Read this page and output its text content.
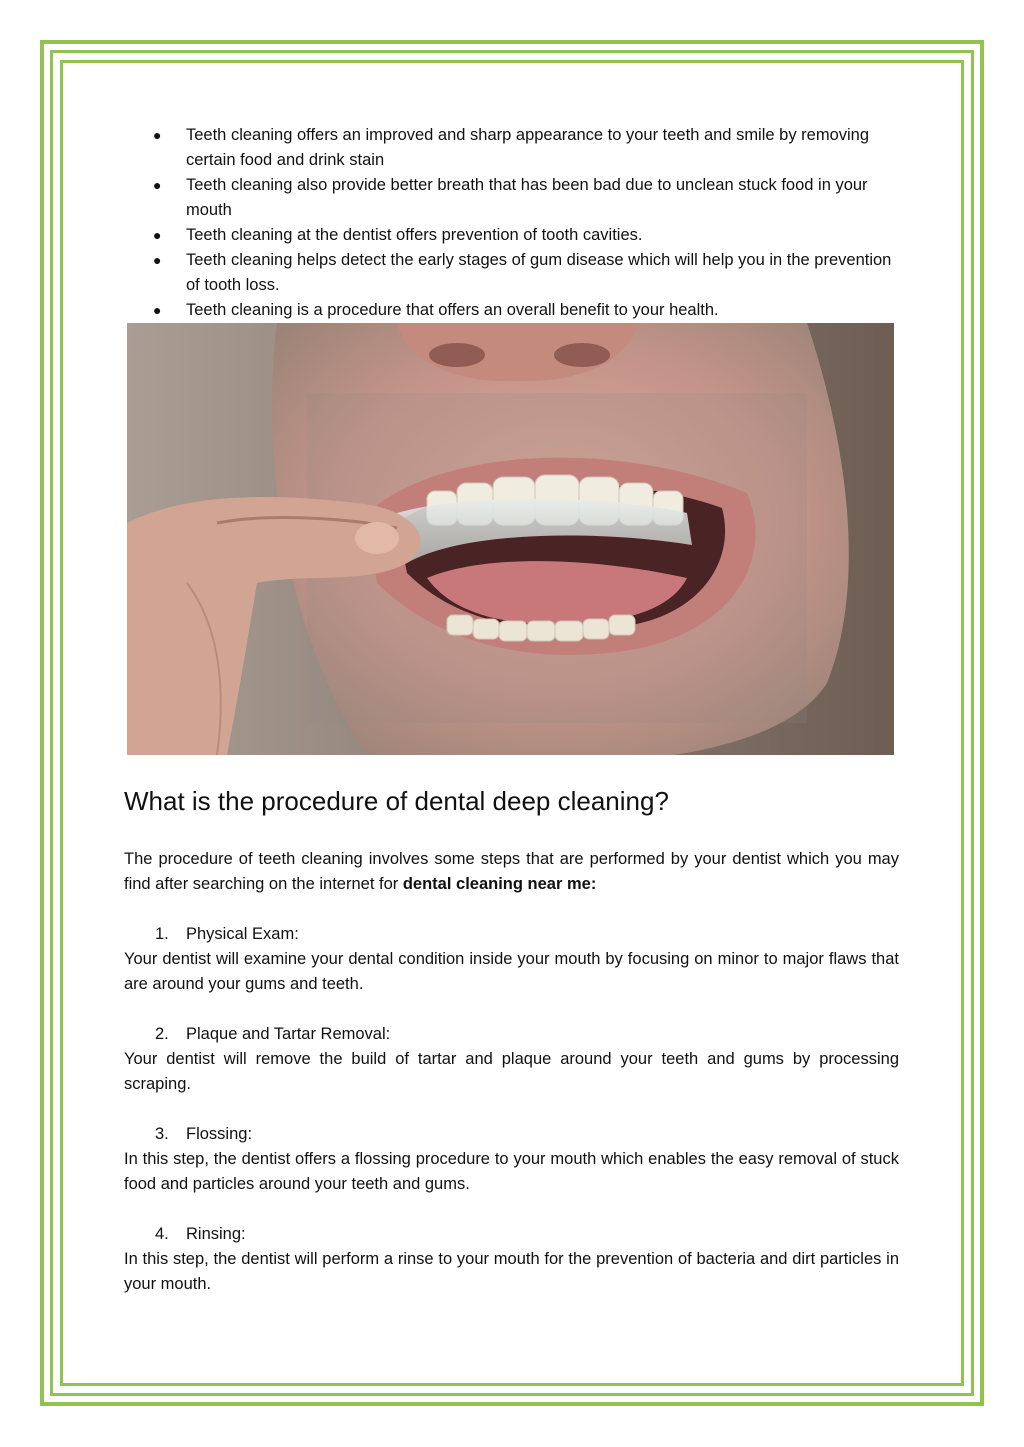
● Teeth cleaning offers an improved and sharp appearance to your teeth and smile by removing certain food and drink stain
● Teeth cleaning also provide better breath that has been bad due to unclean stuck food in your mouth
● Teeth cleaning at the dentist offers prevention of tooth cavities.
● Teeth cleaning helps detect the early stages of gum disease which will help you in the prevention of tooth loss.
● Teeth cleaning is a procedure that offers an overall benefit to your health.
What is the procedure of dental deep cleaning?

The procedure of teeth cleaning involves some steps that are performed by your dentist which you may find after searching on the internet for dental cleaning near me:

1. Physical Exam:

Your dentist will examine your dental condition inside your mouth by focusing on minor to major flaws that are around your gums and teeth.

2. Plaque and Tartar Removal:

Your dentist will remove the build of tartar and plaque around your teeth and gums by processing scraping.

3. Flossing:

In this step, the dentist offers a flossing procedure to your mouth which enables the easy removal of stuck food and particles around your teeth and gums.

4. Rinsing:

In this step, the dentist will perform a rinse to your mouth for the prevention of bacteria and dirt particles in your mouth.
